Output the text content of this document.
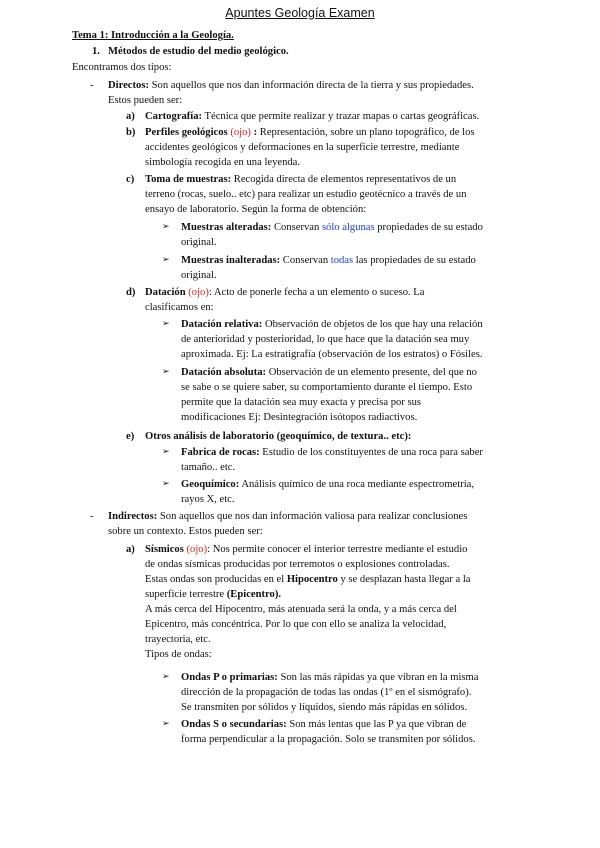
Apuntes Geología Examen
Tema 1: Introducción a la Geología.
1. Métodos de estudio del medio geológico.
Encontramos dos tipos:
- Directos: Son aquellos que nos dan información directa de la tierra y sus propiedades.
Estos pueden ser:
a) Cartografía: Técnica que permite realizar y trazar mapas o cartas geográficas.
b) Perfiles geológicos (ojo) : Representación, sobre un plano topográfico, de los
accidentes geológicos y deformaciones en la superficie terrestre, mediante
simbología recogida en una leyenda.
c) Toma de muestras: Recogida directa de elementos representativos de un
terreno (rocas, suelo.. etc) para realizar un estudio geotécnico a través de un
ensayo de laboratorio. Según la forma de obtención:
➢ Muestras alteradas: Conservan sólo algunas propiedades de su estado
original.
➢ Muestras inalteradas: Conservan todas las propiedades de su estado
original.
d) Datación (ojo): Acto de ponerle fecha a un elemento o suceso. La
clasificamos en:
➢ Datación relativa: Observación de objetos de los que hay una relación
de anterioridad y posterioridad, lo que hace que la datación sea muy
aproximada. Ej: La estratigrafía (observación de los estratos) o Fósiles.
➢ Datación absoluta: Observación de un elemento presente, del que no
se sabe o se quiere saber, su comportamiento durante el tiempo. Esto
permite que la datación sea muy exacta y precisa por sus
modificaciones Ej: Desintegración isótopos radiactivos.
e) Otros análisis de laboratorio (geoquímico, de textura.. etc):
➢ Fabrica de rocas: Estudio de los constituyentes de una roca para saber
tamaño.. etc.
➢ Geoquímico: Análisis químico de una roca mediante espectrometría,
rayos X, etc.
- Indirectos: Son aquellos que nos dan información valiosa para realizar conclusiones
sobre un contexto. Estos pueden ser:
a) Sísmicos (ojo): Nos permite conocer el interior terrestre mediante el estudio
de ondas sísmicas producidas por terremotos o explosiones controladas.
Estas ondas son producidas en el Hipocentro y se desplazan hasta llegar a la
superficie terrestre (Epicentro).
A más cerca del Hipocentro, más atenuada será la onda, y a más cerca del
Epicentro, más concéntrica. Por lo que con ello se analiza la velocidad,
trayectoria, etc.
Tipos de ondas:
➢ Ondas P o primarias: Son las más rápidas ya que vibran en la misma
dirección de la propagación de todas las ondas (1º en el sismógrafo).
Se transmiten por sólidos y líquidos, siendo más rápidas en sólidos.
➢ Ondas S o secundarias: Son más lentas que las P ya que vibran de
forma perpendicular a la propagación. Solo se transmiten por sólidos.
